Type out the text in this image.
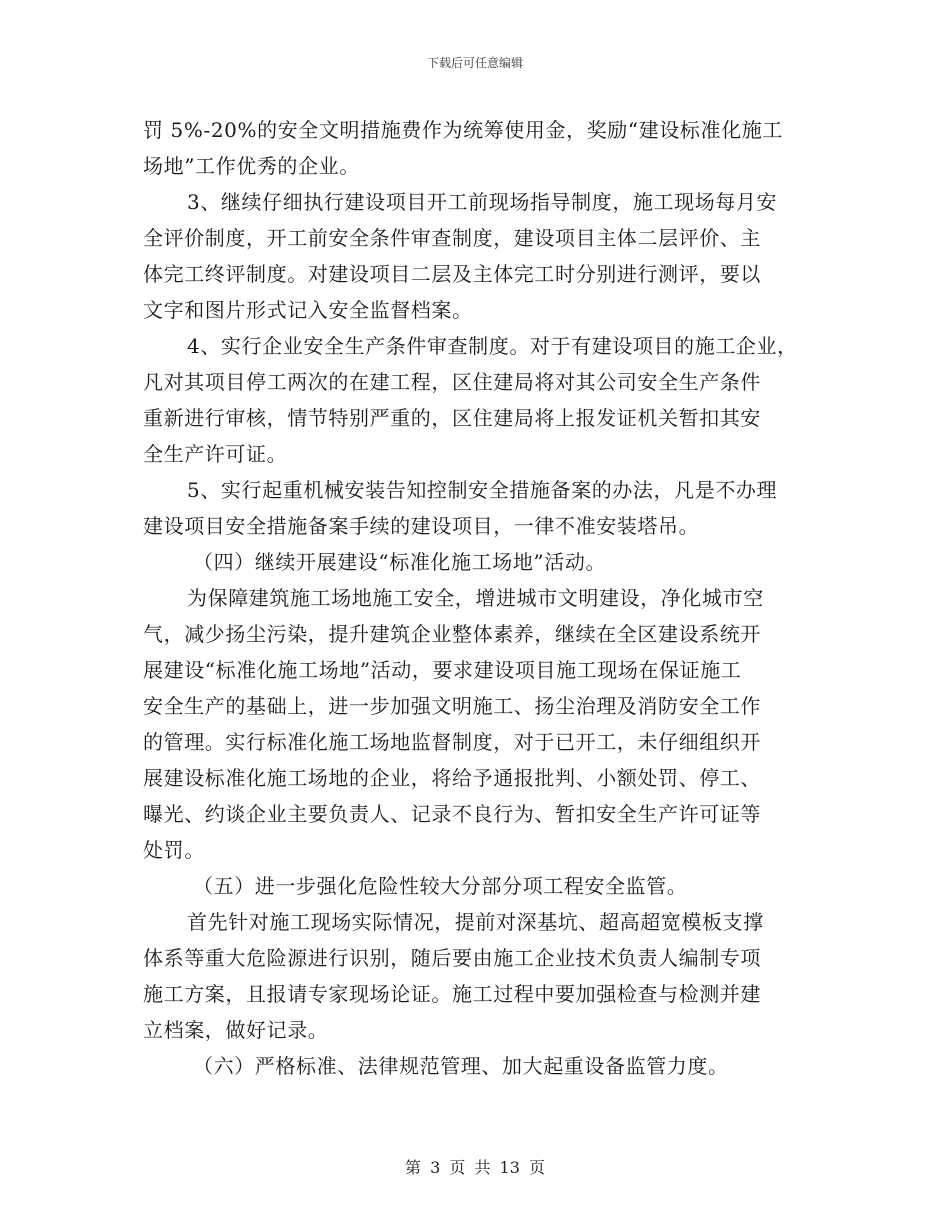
下载后可任意编辑
罚 5%-20%的安全文明措施费作为统筹使用金，奖励“建设标准化施工
场地”工作优秀的企业。
3、继续仔细执行建设项目开工前现场指导制度，施工现场每月安
全评价制度，开工前安全条件审查制度，建设项目主体二层评价、主
体完工终评制度。对建设项目二层及主体完工时分别进行测评，要以
文字和图片形式记入安全监督档案。
4、实行企业安全生产条件审查制度。对于有建设项目的施工企业，
凡对其项目停工两次的在建工程，区住建局将对其公司安全生产条件
重新进行审核，情节特别严重的，区住建局将上报发证机关暂扣其安
全生产许可证。
5、实行起重机械安装告知控制安全措施备案的办法，凡是不办理
建设项目安全措施备案手续的建设项目，一律不准安装塔吊。
（四）继续开展建设“标准化施工场地”活动。
为保障建筑施工场地施工安全，增进城市文明建设，净化城市空
气，减少扬尘污染，提升建筑企业整体素养，继续在全区建设系统开
展建设“标准化施工场地”活动，要求建设项目施工现场在保证施工
安全生产的基础上，进一步加强文明施工、扬尘治理及消防安全工作
的管理。实行标准化施工场地监督制度，对于已开工，未仔细组织开
展建设标准化施工场地的企业，将给予通报批判、小额处罚、停工、
曝光、约谈企业主要负责人、记录不良行为、暂扣安全生产许可证等
处罚。
（五）进一步强化危险性较大分部分项工程安全监管。
首先针对施工现场实际情况，提前对深基坑、超高超宽模板支撑
体系等重大危险源进行识别，随后要由施工企业技术负责人编制专项
施工方案，且报请专家现场论证。施工过程中要加强检查与检测并建
立档案，做好记录。
（六）严格标准、法律规范管理、加大起重设备监管力度。
第 3 页 共 13 页
